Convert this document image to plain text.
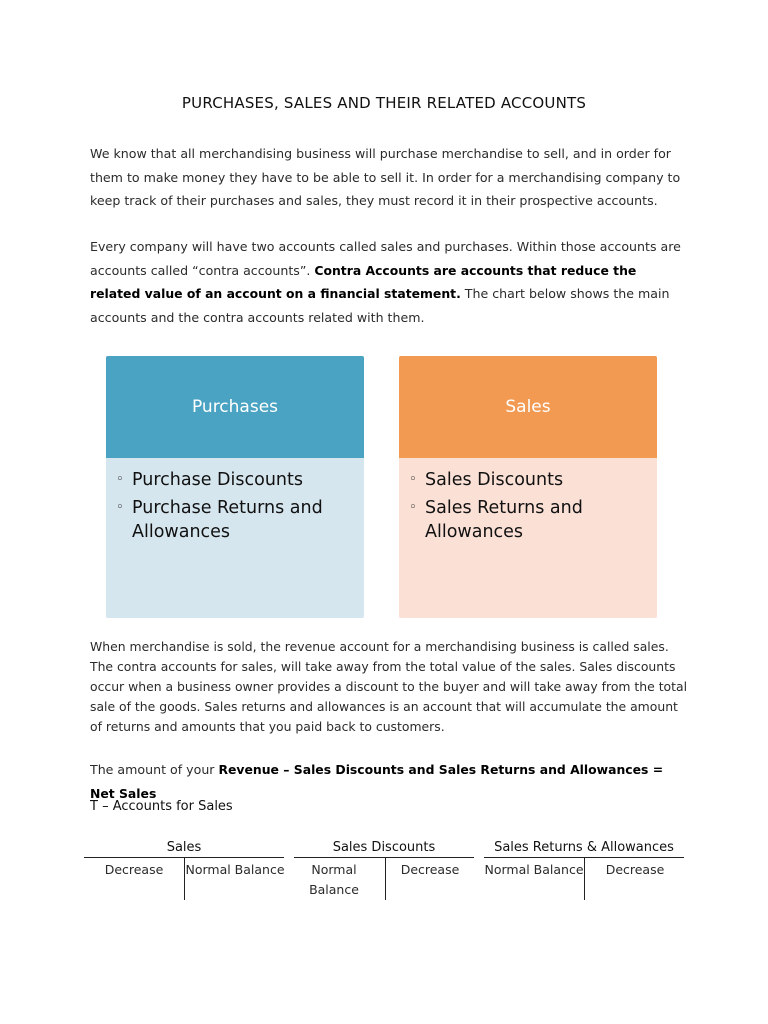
PURCHASES, SALES AND THEIR RELATED ACCOUNTS

We know that all merchandising business will purchase merchandise to sell, and in order for them to make money they have to be able to sell it. In order for a merchandising company to keep track of their purchases and sales, they must record it in their prospective accounts.

Every company will have two accounts called sales and purchases. Within those accounts are accounts called “contra accounts”. Contra Accounts are accounts that reduce the related value of an account on a financial statement. The chart below shows the main accounts and the contra accounts related with them.

Purchases
◦ Purchase Discounts
◦ Purchase Returns and Allowances
Sales
◦ Sales Discounts
◦ Sales Returns and Allowances

When merchandise is sold, the revenue account for a merchandising business is called sales. The contra accounts for sales, will take away from the total value of the sales. Sales discounts occur when a business owner provides a discount to the buyer and will take away from the total sale of the goods. Sales returns and allowances is an account that will accumulate the amount of returns and amounts that you paid back to customers.

The amount of your Revenue – Sales Discounts and Sales Returns and Allowances = Net Sales

T – Accounts for Sales
Sales
Decrease	Normal Balance
Sales Discounts
Normal Balance
Decrease
Sales Returns & Allowances
Normal Balance	Decrease
